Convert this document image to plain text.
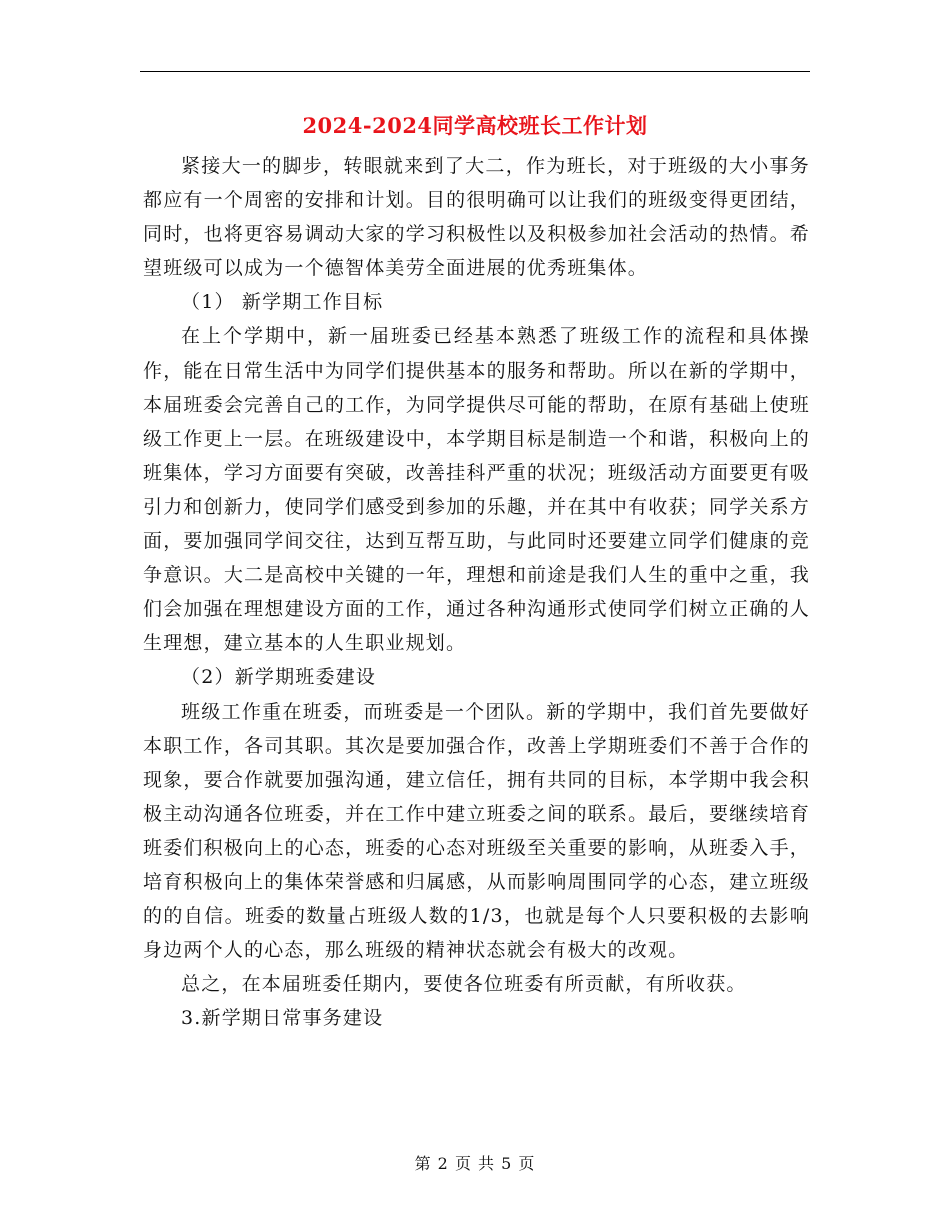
2024-2024同学高校班长工作计划

紧接大一的脚步，转眼就来到了大二，作为班长，对于班级的大小事务都应有一个周密的安排和计划。目的很明确可以让我们的班级变得更团结，同时，也将更容易调动大家的学习积极性以及积极参加社会活动的热情。希望班级可以成为一个德智体美劳全面进展的优秀班集体。

（1） 新学期工作目标

在上个学期中，新一届班委已经基本熟悉了班级工作的流程和具体操作，能在日常生活中为同学们提供基本的服务和帮助。所以在新的学期中，本届班委会完善自己的工作，为同学提供尽可能的帮助，在原有基础上使班级工作更上一层。在班级建设中，本学期目标是制造一个和谐，积极向上的班集体，学习方面要有突破，改善挂科严重的状况；班级活动方面要更有吸引力和创新力，使同学们感受到参加的乐趣，并在其中有收获；同学关系方面，要加强同学间交往，达到互帮互助，与此同时还要建立同学们健康的竞争意识。大二是高校中关键的一年，理想和前途是我们人生的重中之重，我们会加强在理想建设方面的工作，通过各种沟通形式使同学们树立正确的人生理想，建立基本的人生职业规划。

（2）新学期班委建设

班级工作重在班委，而班委是一个团队。新的学期中，我们首先要做好本职工作，各司其职。其次是要加强合作，改善上学期班委们不善于合作的现象，要合作就要加强沟通，建立信任，拥有共同的目标，本学期中我会积极主动沟通各位班委，并在工作中建立班委之间的联系。最后，要继续培育班委们积极向上的心态，班委的心态对班级至关重要的影响，从班委入手，培育积极向上的集体荣誉感和归属感，从而影响周围同学的心态，建立班级的的自信。班委的数量占班级人数的1/3，也就是每个人只要积极的去影响身边两个人的心态，那么班级的精神状态就会有极大的改观。

总之，在本届班委任期内，要使各位班委有所贡献，有所收获。

3.新学期日常事务建设

第 2 页 共 5 页
